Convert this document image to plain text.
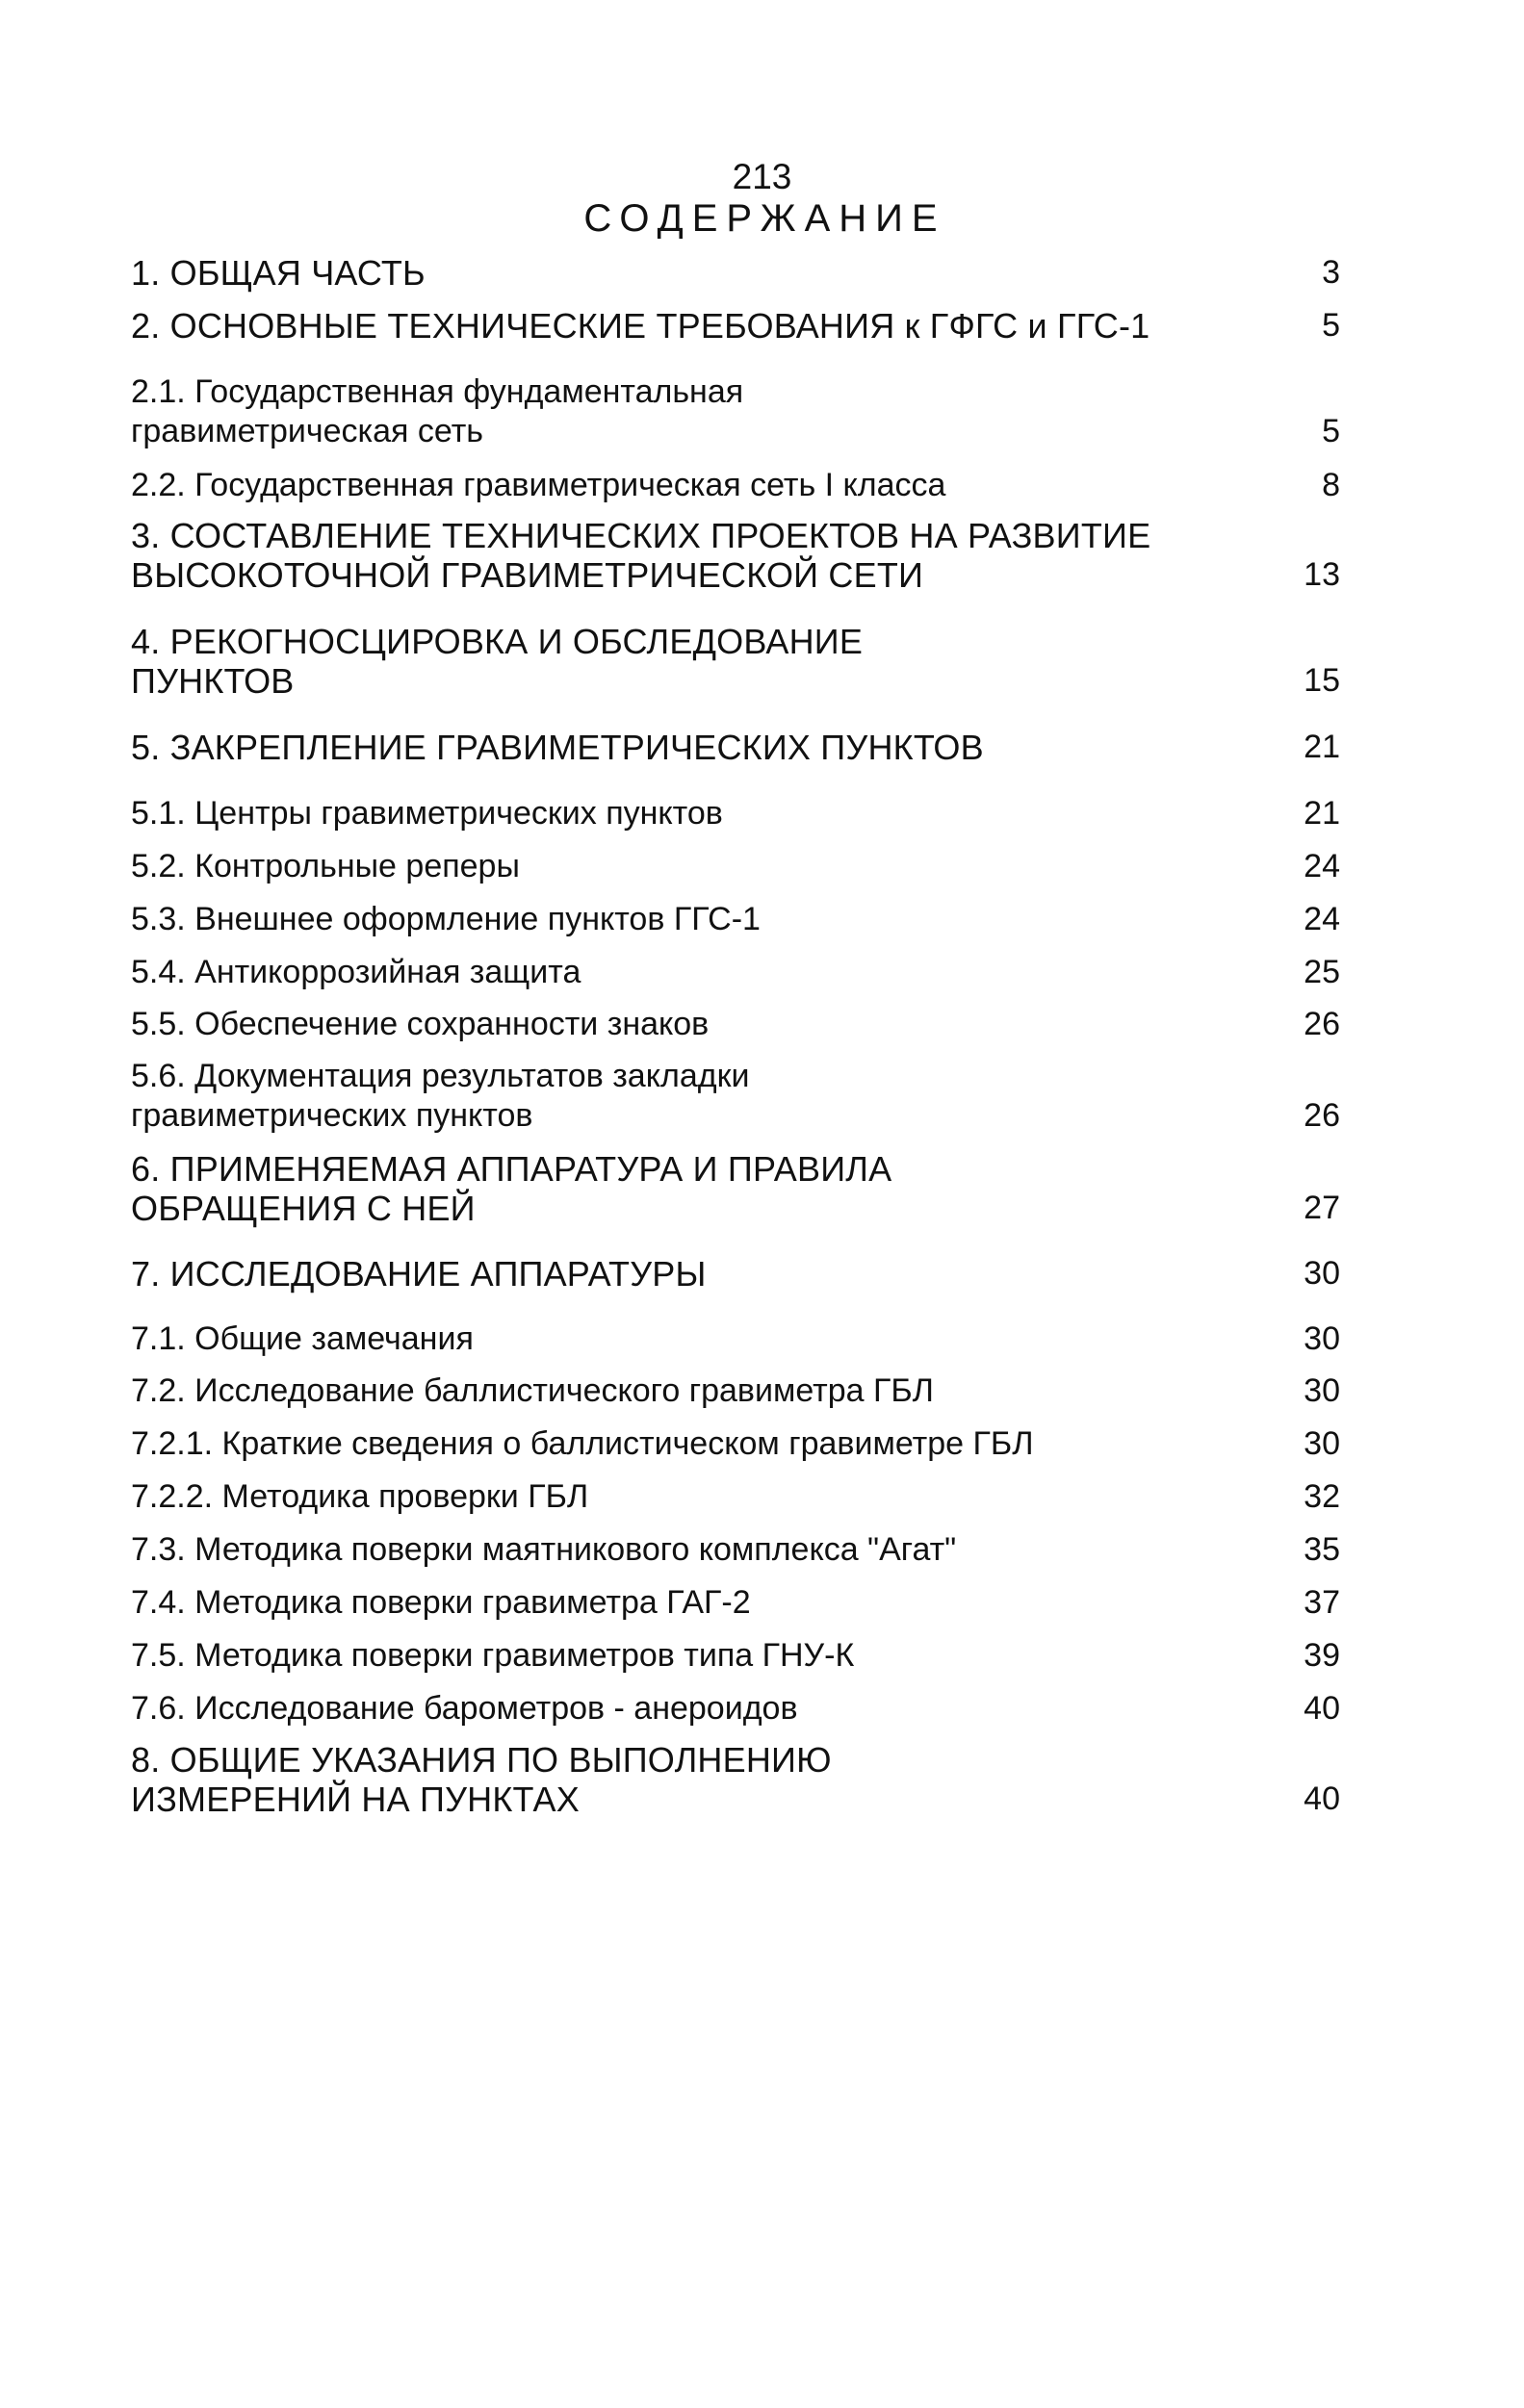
213
СОДЕРЖАНИЕ
1. ОБЩАЯ ЧАСТЬ	3
2. ОСНОВНЫЕ ТЕХНИЧЕСКИЕ ТРЕБОВАНИЯ к ГФГС и ГГС-1	5
2.1. Государственная фундаментальная
гравиметрическая сеть	5
2.2. Государственная гравиметрическая сеть I класса	8
3. СОСТАВЛЕНИЕ ТЕХНИЧЕСКИХ ПРОЕКТОВ НА РАЗВИТИЕ
ВЫСОКОТОЧНОЙ ГРАВИМЕТРИЧЕСКОЙ СЕТИ	13
4. РЕКОГНОСЦИРОВКА И ОБСЛЕДОВАНИЕ
ПУНКТОВ	15
5. ЗАКРЕПЛЕНИЕ ГРАВИМЕТРИЧЕСКИХ ПУНКТОВ	21
5.1. Центры гравиметрических пунктов	21
5.2. Контрольные реперы	24
5.3. Внешнее оформление пунктов ГГС-1	24
5.4. Антикоррозийная защита	25
5.5. Обеспечение сохранности знаков	26
5.6. Документация результатов закладки
гравиметрических пунктов	26
6. ПРИМЕНЯЕМАЯ АППАРАТУРА И ПРАВИЛА
ОБРАЩЕНИЯ С НЕЙ	27
7. ИССЛЕДОВАНИЕ АППАРАТУРЫ	30
7.1. Общие замечания	30
7.2. Исследование баллистического гравиметра ГБЛ	30
7.2.1. Краткие сведения о баллистическом гравиметре ГБЛ	30
7.2.2. Методика проверки ГБЛ	32
7.3. Методика поверки маятникового комплекса "Агат"	35
7.4. Методика поверки гравиметра ГАГ-2	37
7.5. Методика поверки гравиметров типа ГНУ-К	39
7.6. Исследование барометров - анероидов	40
8. ОБЩИЕ УКАЗАНИЯ ПО ВЫПОЛНЕНИЮ
ИЗМЕРЕНИЙ НА ПУНКТАХ	40
